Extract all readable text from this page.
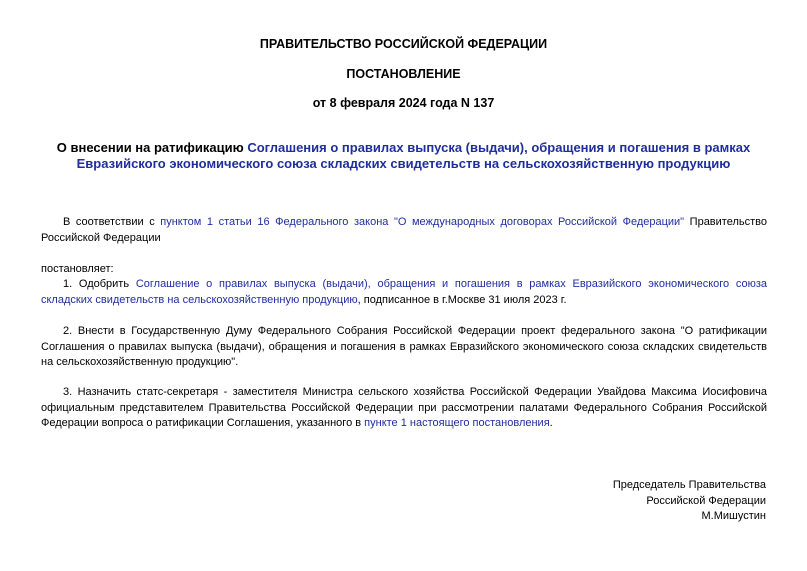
ПРАВИТЕЛЬСТВО РОССИЙСКОЙ ФЕДЕРАЦИИ
ПОСТАНОВЛЕНИЕ
от 8 февраля 2024 года N 137
О внесении на ратификацию Соглашения о правилах выпуска (выдачи), обращения и погашения в рамках Евразийского экономического союза складских свидетельств на сельскохозяйственную продукцию
В соответствии с пунктом 1 статьи 16 Федерального закона "О международных договорах Российской Федерации" Правительство Российской Федерации
постановляет:
1. Одобрить Соглашение о правилах выпуска (выдачи), обращения и погашения в рамках Евразийского экономического союза складских свидетельств на сельскохозяйственную продукцию, подписанное в г.Москве 31 июля 2023 г.
2. Внести в Государственную Думу Федерального Собрания Российской Федерации проект федерального закона "О ратификации Соглашения о правилах выпуска (выдачи), обращения и погашения в рамках Евразийского экономического союза складских свидетельств на сельскохозяйственную продукцию".
3. Назначить статс-секретаря - заместителя Министра сельского хозяйства Российской Федерации Увайдова Максима Иосифовича официальным представителем Правительства Российской Федерации при рассмотрении палатами Федерального Собрания Российской Федерации вопроса о ратификации Соглашения, указанного в пункте 1 настоящего постановления.
Председатель Правительства
Российской Федерации
М.Мишустин
